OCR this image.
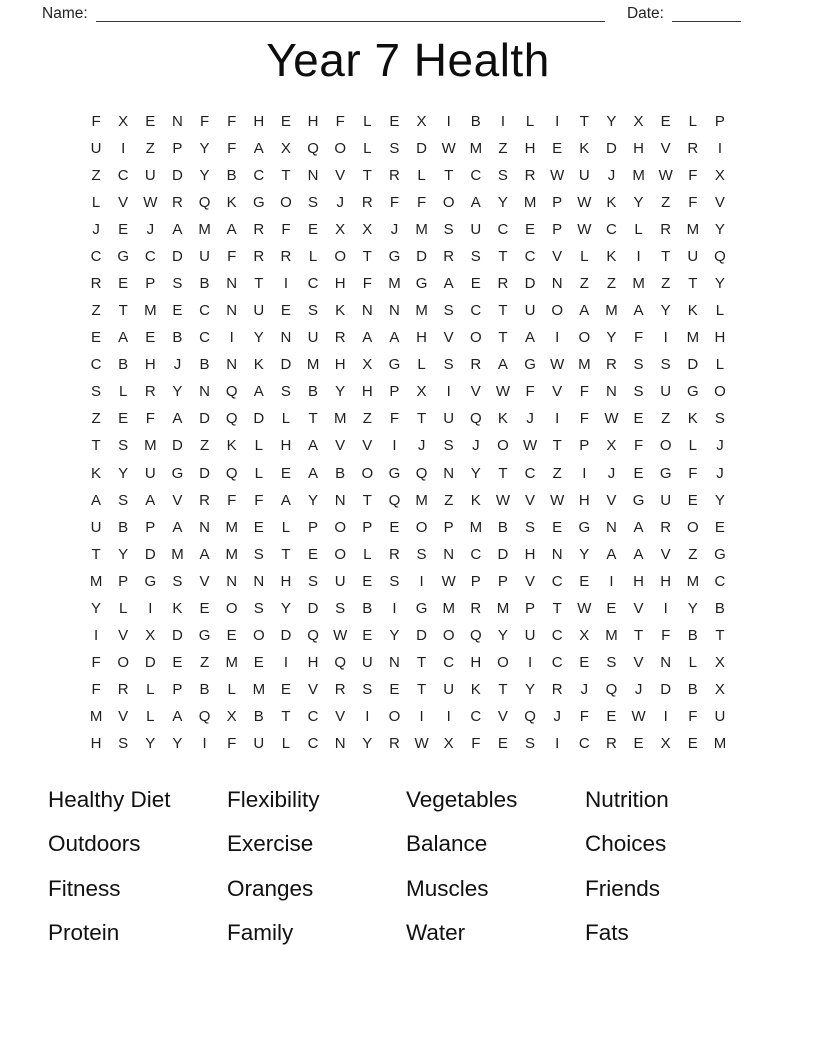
Name:	Date:
Year 7 Health
F	X	E	N	F	F	H	E	H	F	L	E	X	I	B	I	L	I	T	Y	X	E	L	P
U	I	Z	P	Y	F	A	X	Q	O	L	S	D W M	Z	H	E	K	D	H	V	R	I
Z	C	U	D	Y	B	C	T	N	V	T	R	L	T	C	S	R W U	J	M W	F	X
L	V	W R	Q	K	G	O	S	J	R	F	F	O	A	Y	M	P	W	K	Y	Z	F	V
J	E	J	A	M	A	R	F	E	X	X	J	M	S	U	C	E	P	W C	L	R	M	Y
C	G	C	D	U	F	R	R	L	O	T	G	D	R	S	T	C	V	L	K	I	T	U	Q
R	E	P	S	B	N	T	I	C	H	F	M	G	A	E	R	D	N	Z	Z	M	Z	T	Y
Z	T	M	E	C	N	U	E	S	K	N	N	M	S	C	T	U	O	A	M	A	Y	K	L
E	A	E	B	C	I	Y	N	U	R	A	A	H	V	O	T	A	I	O	Y	F	I	M	H
C	B	H	J	B	N	K	D	M	H	X	G	L	S	R	A	G W M	R	S	S	D	L
S	L	R	Y	N	Q	A	S	B	Y	H	P	X	I	V	W	F	V	F	N	S	U	G	O
Z	E	F	A	D	Q	D	L	T	M	Z	F	T	U	Q	K	J	I	F	W	E	Z	K	S
T	S	M	D	Z	K	L	H	A	V	V	I	J	S	J	O W	T	P	X	F	O	L	J
K	Y	U	G	D	Q	L	E	A	B	O	G	Q	N	Y	T	C	Z	I	J	E	G	F	J
A	S	A	V	R	F	F	A	Y	N	T	Q	M	Z	K	W	V	W H	V	G	U	E	Y
U	B	P	A	N	M	E	L	P	O	P	E	O	P	M	B	S	E	G	N	A	R	O	E
T	Y	D	M	A	M	S	T	E	O	L	R	S	N	C	D	H	N	Y	A	A	V	Z	G
M	P	G	S	V	N	N	H	S	U	E	S	I	W	P	P	V	C	E	I	H	H	M	C
Y	L	I	K	E	O	S	Y	D	S	B	I	G	M	R	M	P	T	W	E	V	I	Y	B
I	V	X	D	G	E	O	D	Q W	E	Y	D	O	Q	Y	U	C	X	M	T	F	B	T
F	O	D	E	Z	M	E	I	H	Q	U	N	T	C	H	O	I	C	E	S	V	N	L	X
F	R	L	P	B	L	M	E	V	R	S	E	T	U	K	T	Y	R	J	Q	J	D	B	X
M	V	L	A	Q	X	B	T	C	V	I	O	I	I	C	V	Q	J	F	E	W	I	F	U
H	S	Y	Y	I	F	U	L	C	N	Y	R W	X	F	E	S	I	C	R	E	X	E	M
Healthy Diet	Flexibility	Vegetables	Nutrition
Outdoors	Exercise	Balance	Choices
Fitness	Oranges	Muscles	Friends
Protein	Family	Water	Fats
